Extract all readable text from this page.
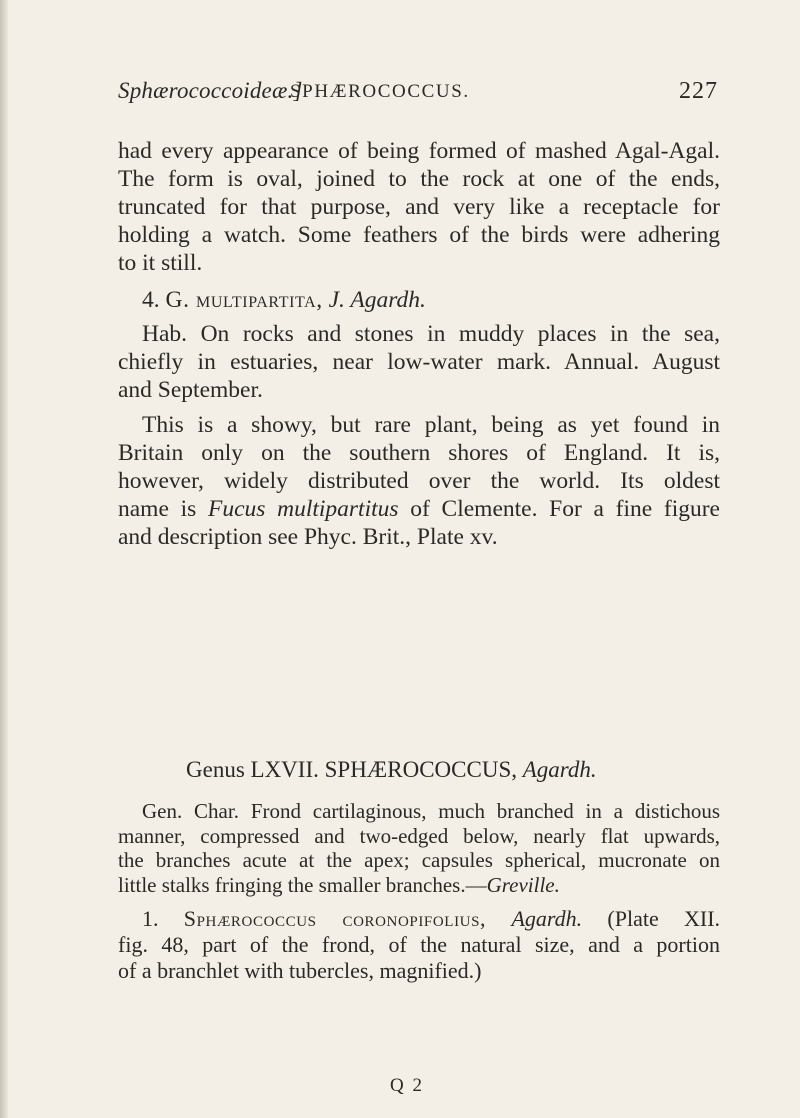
Sphærococcoideæ.]
SPHÆROCOCCUS.	227
had every appearance of being formed of mashed Agal-Agal.
The form is oval, joined to the rock at one of the ends,
truncated for that purpose, and very like a receptacle for
holding a watch. Some feathers of the birds were adhering
to it still.
4. G. multipartita, J. Agardh.
Hab. On rocks and stones in muddy places in the sea,
chiefly in estuaries, near low-water mark. Annual. August
and September.
This is a showy, but rare plant, being as yet found in
Britain only on the southern shores of England. It is,
however, widely distributed over the world. Its oldest
name is Fucus multipartitus of Clemente. For a fine figure
and description see Phyc. Brit., Plate xv.
Genus LXVII. SPHÆROCOCCUS, Agardh.
Gen. Char. Frond cartilaginous, much branched in a distichous
manner, compressed and two-edged below, nearly flat upwards,
the branches acute at the apex; capsules spherical, mucronate on
little stalks fringing the smaller branches.—Greville.
1. Sphærococcus coronopifolius, Agardh. (Plate XII.
fig. 48, part of the frond, of the natural size, and a portion
of a branchlet with tubercles, magnified.)
Q 2
